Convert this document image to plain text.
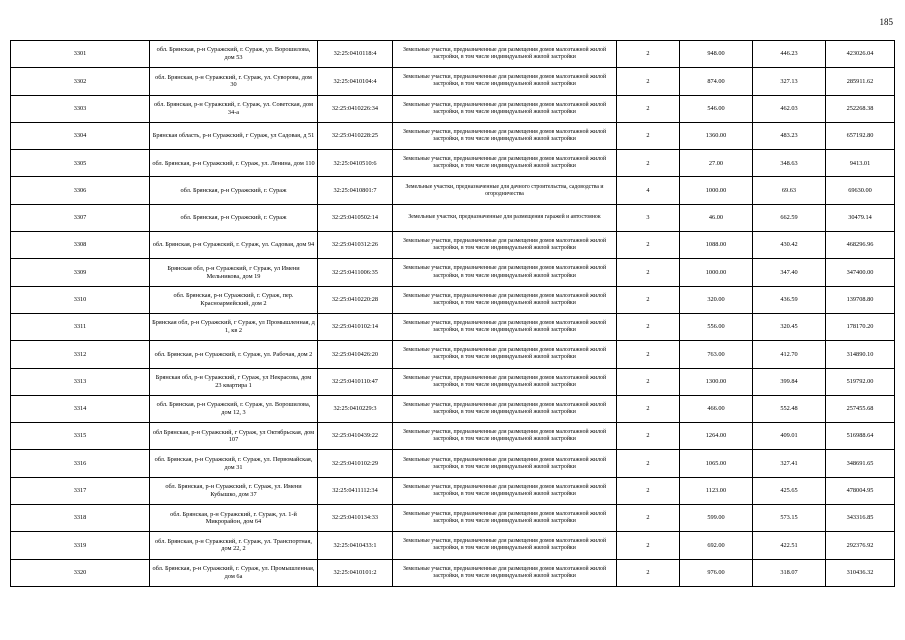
185
3301	обл. Брянская, р-н Суражский, г. Сураж, ул. Ворошилова, дом 53	32:25:0410118:4	Земельные участки, предназначенные для размещения домов малоэтажной жилой застройки, в том числе индивидуальной жилой застройки	2	948.00	446.23	423026.04
3302	обл. Брянская, р-н Суражский, г. Сураж, ул. Суворова, дом 30	32:25:0410104:4	Земельные участки, предназначенные для размещения домов малоэтажной жилой застройки, в том числе индивидуальной жилой застройки	2	874.00	327.13	285911.62
3303	обл. Брянская, р-н Суражский, г. Сураж, ул. Советская, дом 34-а	32:25:0410226:34	Земельные участки, предназначенные для размещения домов малоэтажной жилой застройки, в том числе индивидуальной жилой застройки	2	546.00	462.03	252268.38
3304	Брянская область, р-н Суражский, г Сураж, ул Садовая, д 51	32:25:0410228:25	Земельные участки, предназначенные для размещения домов малоэтажной жилой застройки, в том числе индивидуальной жилой застройки	2	1360.00	483.23	657192.80
3305	обл. Брянская, р-н Суражский, г. Сураж, ул. Ленина, дом 110	32:25:0410510:6	Земельные участки, предназначенные для размещения домов малоэтажной жилой застройки, в том числе индивидуальной жилой застройки	2	27.00	348.63	9413.01
3306	обл. Брянская, р-н Суражский, г. Сураж	32:25:0410801:7	Земельные участки, предназначенные для дачного строительства, садоводства и огородничества	4	1000.00	69.63	69630.00
3307	обл. Брянская, р-н Суражский, г. Сураж	32:25:0410502:14	Земельные участки, предназначенные для размещения гаражей и автостоянок	3	46.00	662.59	30479.14
3308	обл. Брянская, р-н Суражский, г. Сураж, ул. Садовая, дом 94	32:25:0410312:26	Земельные участки, предназначенные для размещения домов малоэтажной жилой застройки, в том числе индивидуальной жилой застройки	2	1088.00	430.42	468296.96
3309	Брянская обл, р-н Суражский, г Сураж, ул Имени Мельникова, дом 19	32:25:0411006:35	Земельные участки, предназначенные для размещения домов малоэтажной жилой застройки, в том числе индивидуальной жилой застройки	2	1000.00	347.40	347400.00
3310	обл. Брянская, р-н Суражский, г. Сураж, пер. Красноармейский, дом 2	32:25:0410220:28	Земельные участки, предназначенные для размещения домов малоэтажной жилой застройки, в том числе индивидуальной жилой застройки	2	320.00	436.59	139708.80
3311	Брянская обл, р-н Суражский, г Сураж, ул Промышленная, д 1, кв 2	32:25:0410102:14	Земельные участки, предназначенные для размещения домов малоэтажной жилой застройки, в том числе индивидуальной жилой застройки	2	556.00	320.45	178170.20
3312	обл. Брянская, р-н Суражский, г. Сураж, ул. Рабочая, дом 2	32:25:0410426:20	Земельные участки, предназначенные для размещения домов малоэтажной жилой застройки, в том числе индивидуальной жилой застройки	2	763.00	412.70	314890.10
3313	Брянская обл, р-н Суражский, г Сураж, ул Некрасова, дом 23 квартира 1	32:25:0410110:47	Земельные участки, предназначенные для размещения домов малоэтажной жилой застройки, в том числе индивидуальной жилой застройки	2	1300.00	399.84	519792.00
3314	обл. Брянская, р-н Суражский, г. Сураж, ул. Ворошилова, дом 12, 3	32:25:0410229:3	Земельные участки, предназначенные для размещения домов малоэтажной жилой застройки, в том числе индивидуальной жилой застройки	2	466.00	552.48	257455.68
3315	обл Брянская, р-н Суражский, г Сураж, ул Октябрьская, дом 107	32:25:0410439:22	Земельные участки, предназначенные для размещения домов малоэтажной жилой застройки, в том числе индивидуальной жилой застройки	2	1264.00	409.01	516988.64
3316	обл. Брянская, р-н Суражский, г. Сураж, ул. Первомайская, дом 31	32:25:0410102:29	Земельные участки, предназначенные для размещения домов малоэтажной жилой застройки, в том числе индивидуальной жилой застройки	2	1065.00	327.41	348691.65
3317	обл. Брянская, р-н Суражский, г. Сураж, ул. Имени Кубышко, дом 37	32:25:0411112:34	Земельные участки, предназначенные для размещения домов малоэтажной жилой застройки, в том числе индивидуальной жилой застройки	2	1123.00	425.65	478004.95
3318	обл. Брянская, р-н Суражский, г. Сураж, ул. 1-й Микрорайон, дом 64	32:25:0410134:33	Земельные участки, предназначенные для размещения домов малоэтажной жилой застройки, в том числе индивидуальной жилой застройки	2	599.00	573.15	343316.85
3319	обл. Брянская, р-н Суражский, г. Сураж, ул. Транспортная, дом 22, 2	32:25:0410433:1	Земельные участки, предназначенные для размещения домов малоэтажной жилой застройки, в том числе индивидуальной жилой застройки	2	692.00	422.51	292376.92
3320	обл. Брянская, р-н Суражский, г. Сураж, ул. Промышленная, дом 6а	32:25:0410101:2	Земельные участки, предназначенные для размещения домов малоэтажной жилой застройки, в том числе индивидуальной жилой застройки	2	976.00	318.07	310436.32
